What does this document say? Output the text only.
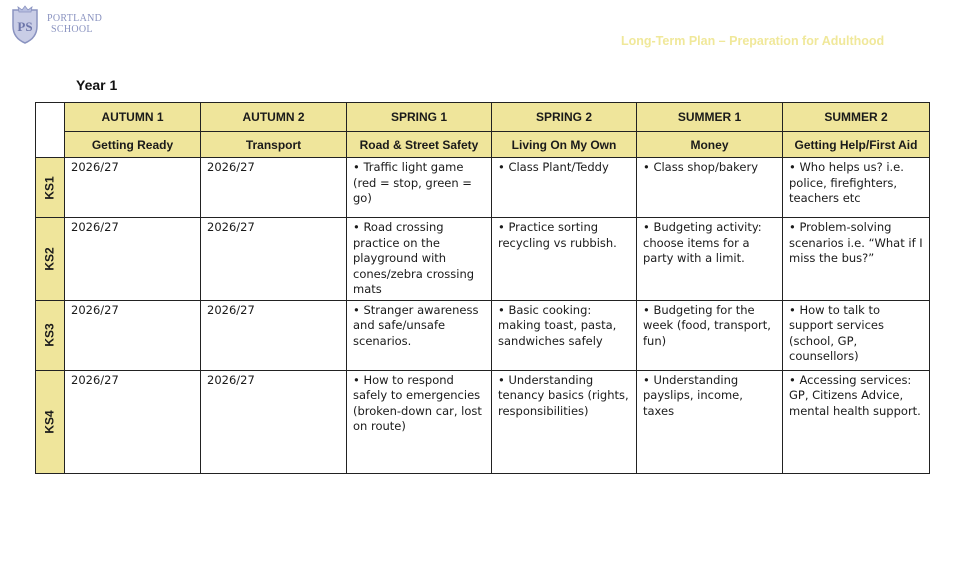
PS
PORTLAND
SCHOOL
Long-Term Plan – Preparation for Adulthood
Year 1
	AUTUMN 1	AUTUMN 2	SPRING 1	SPRING 2	SUMMER 1	SUMMER 2
	Getting Ready	Transport	Road & Street Safety	Living On My Own	Money	Getting Help/First Aid
KS1	2026/27	2026/27	• Traffic light game (red = stop, green = go)	• Class Plant/Teddy	• Class shop/bakery	• Who helps us? i.e. police, firefighters, teachers etc
KS2	2026/27	2026/27	• Road crossing practice on the playground with cones/zebra crossing mats	• Practice sorting recycling vs rubbish.	• Budgeting activity: choose items for a party with a limit.	• Problem-solving scenarios i.e. “What if I miss the bus?”
KS3	2026/27	2026/27	• Stranger awareness and safe/unsafe scenarios.	• Basic cooking: making toast, pasta, sandwiches safely	• Budgeting for the week (food, transport, fun)	• How to talk to support services (school, GP, counsellors)
KS4	2026/27	2026/27	• How to respond safely to emergencies (broken-down car, lost on route)	• Understanding tenancy basics (rights, responsibilities)	• Understanding payslips, income, taxes	• Accessing services: GP, Citizens Advice, mental health support.
